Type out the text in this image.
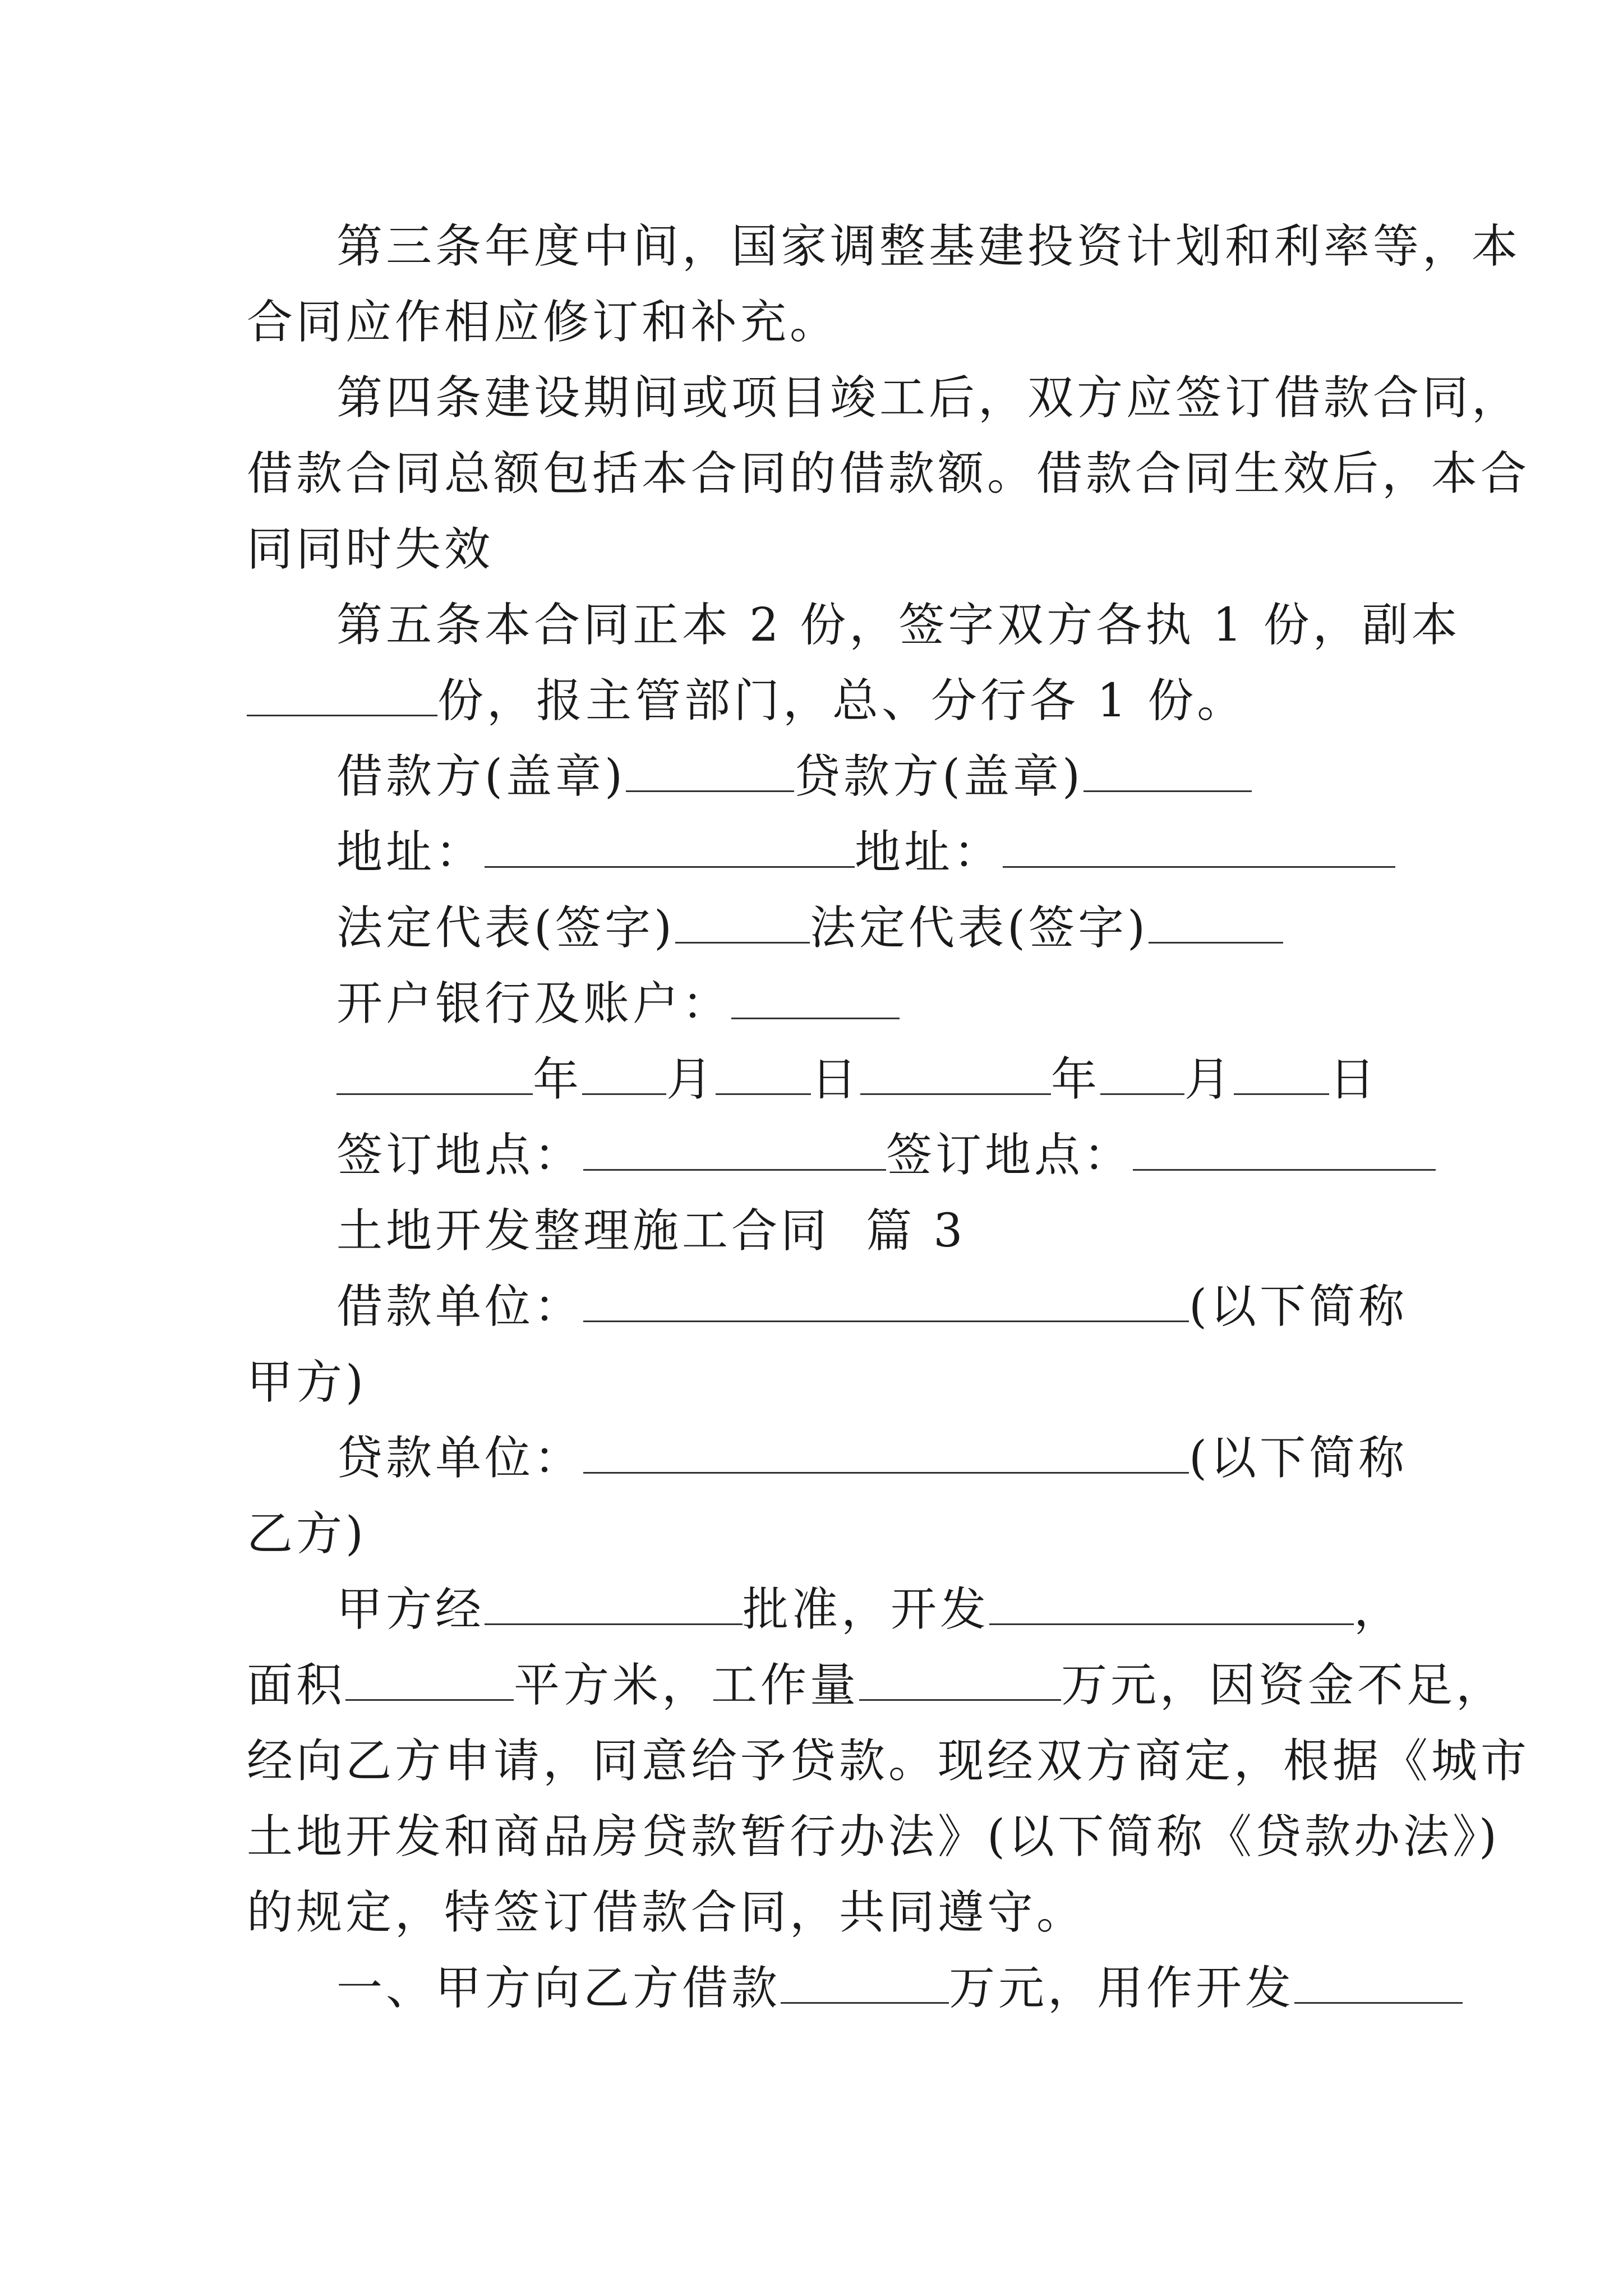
第三条年度中间，国家调整基建投资计划和利率等，本
合同应作相应修订和补充。
第四条建设期间或项目竣工后，双方应签订借款合同，
借款合同总额包括本合同的借款额。借款合同生效后，本合
同同时失效
第五条本合同正本 2 份，签字双方各执 1 份，副本
份，报主管部门，总、分行各 1 份。
借款方(盖章)	贷款方(盖章)
地址：	地址：
法定代表(签字)	法定代表(签字)
开户银行及账户：
年 月 日	年 月 日
签订地点：	签订地点：
土地开发整理施工合同  篇 3
借款单位：	(以下简称
甲方)
贷款单位：	(以下简称
乙方)
甲方经	批准，开发	，
面积	平方米，工作量	万元，因资金不足，
经向乙方申请，同意给予贷款。现经双方商定，根据《城市
土地开发和商品房贷款暂行办法》(以下简称《贷款办法》)
的规定，特签订借款合同，共同遵守。
一、甲方向乙方借款	万元，用作开发
